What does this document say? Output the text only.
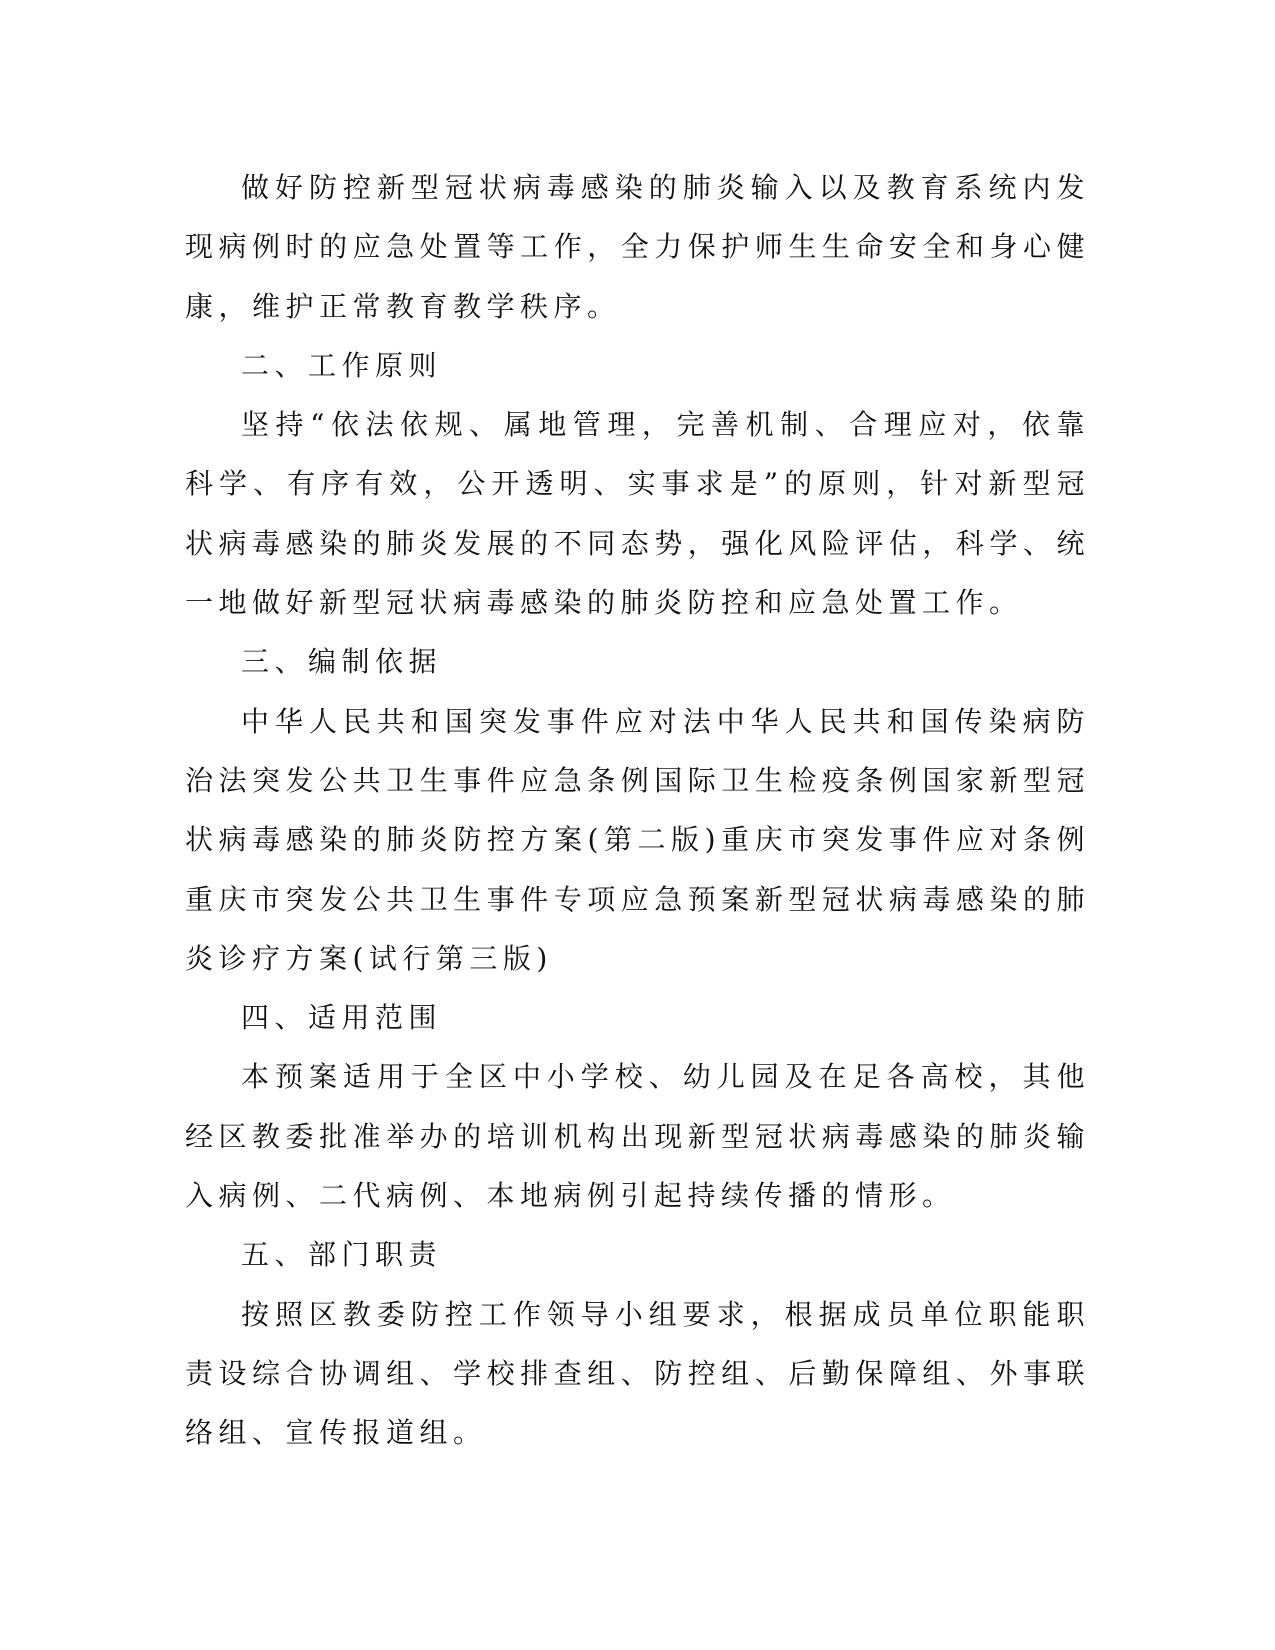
做好防控新型冠状病毒感染的肺炎输入以及教育系统内发现病例时的应急处置等工作，全力保护师生生命安全和身心健康，维护正常教育教学秩序。

二、工作原则

坚持“依法依规、属地管理，完善机制、合理应对，依靠科学、有序有效，公开透明、实事求是”的原则，针对新型冠状病毒感染的肺炎发展的不同态势，强化风险评估，科学、统一地做好新型冠状病毒感染的肺炎防控和应急处置工作。

三、编制依据

中华人民共和国突发事件应对法中华人民共和国传染病防治法突发公共卫生事件应急条例国际卫生检疫条例国家新型冠状病毒感染的肺炎防控方案(第二版)重庆市突发事件应对条例重庆市突发公共卫生事件专项应急预案新型冠状病毒感染的肺炎诊疗方案(试行第三版)

四、适用范围

本预案适用于全区中小学校、幼儿园及在足各高校，其他经区教委批准举办的培训机构出现新型冠状病毒感染的肺炎输入病例、二代病例、本地病例引起持续传播的情形。

五、部门职责

按照区教委防控工作领导小组要求，根据成员单位职能职责设综合协调组、学校排查组、防控组、后勤保障组、外事联络组、宣传报道组。
